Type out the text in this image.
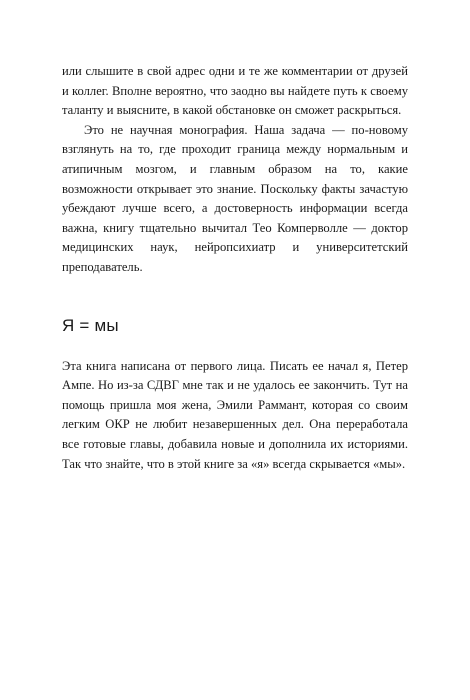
или слышите в свой адрес одни и те же комментарии от друзей и коллег. Вполне вероятно, что заодно вы найдете путь к своему таланту и выясните, в какой обстановке он сможет раскрыться.

Это не научная монография. Наша задача — по-новому взглянуть на то, где проходит граница между нормальным и атипичным мозгом, и главным образом на то, какие возможности открывает это знание. Поскольку факты зачастую убеждают лучше всего, а достоверность информации всегда важна, книгу тщательно вычитал Тео Комперволле — доктор медицинских наук, нейропсихиатр и университетский преподаватель.

Я = мы

Эта книга написана от первого лица. Писать ее начал я, Петер Ампе. Но из-за СДВГ мне так и не удалось ее закончить. Тут на помощь пришла моя жена, Эмили Раммант, которая со своим легким ОКР не любит незавершенных дел. Она переработала все готовые главы, добавила новые и дополнила их историями. Так что знайте, что в этой книге за «я» всегда скрывается «мы».
